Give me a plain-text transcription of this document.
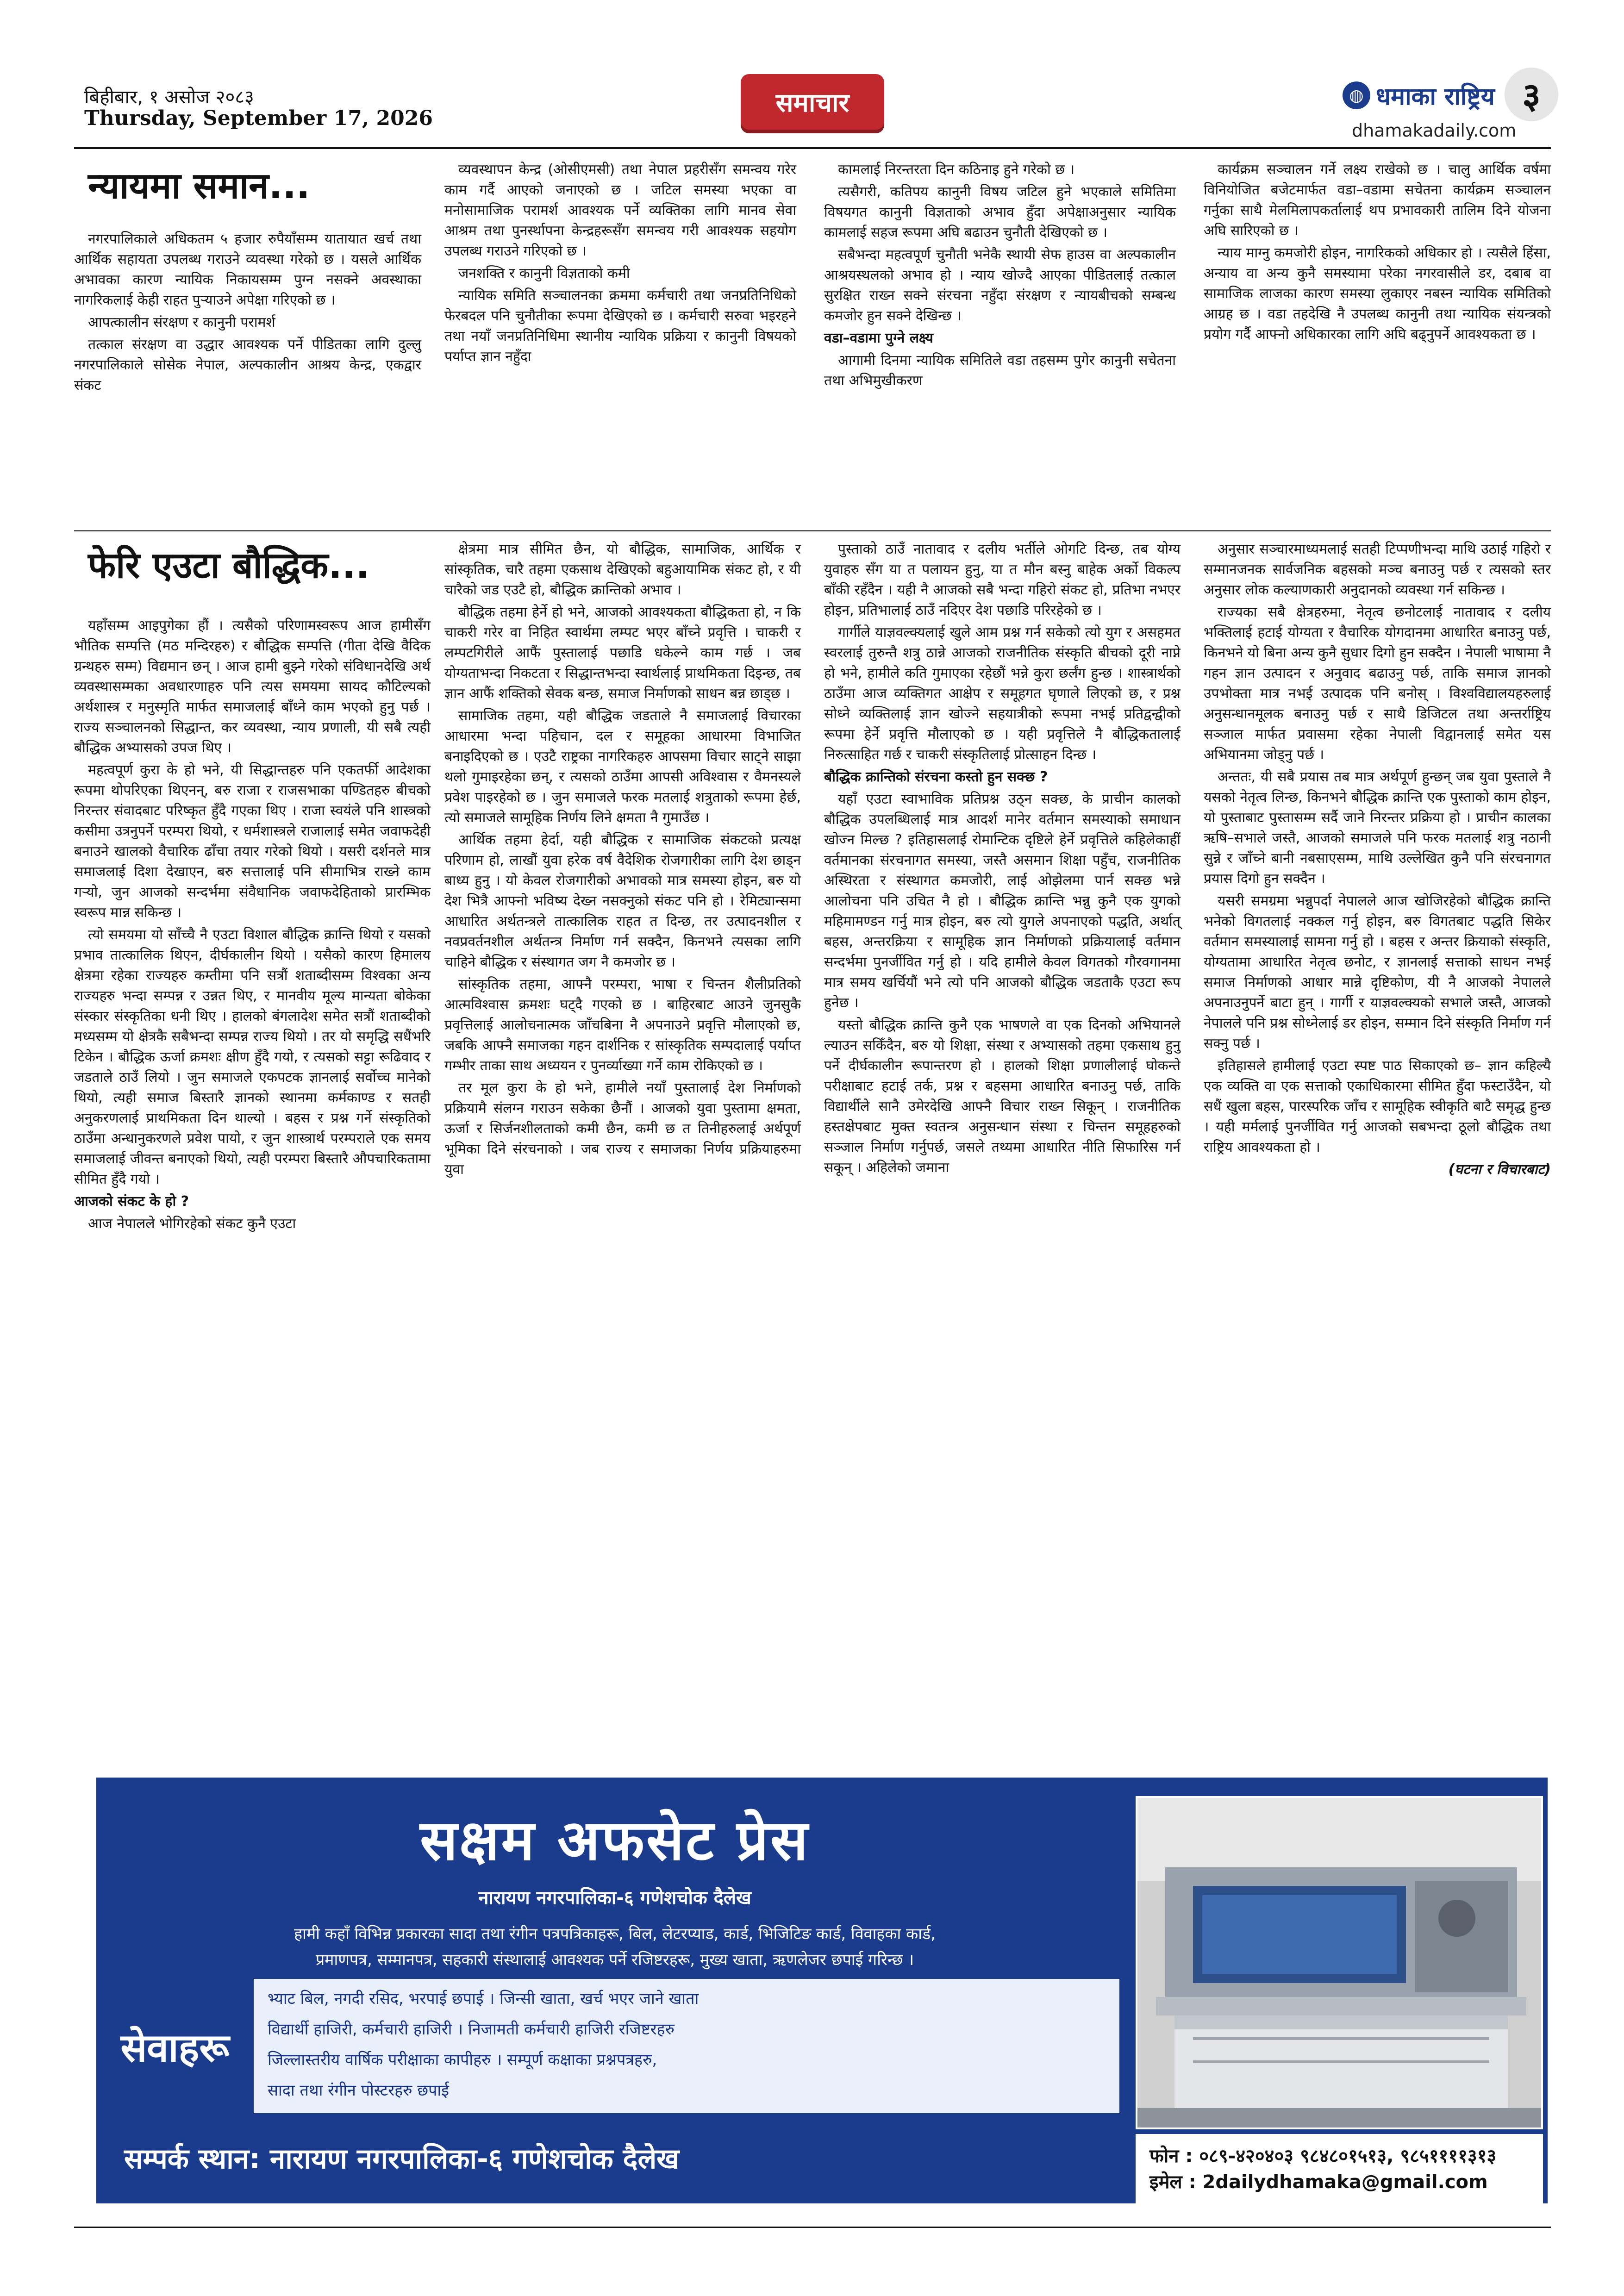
बिहीबार, १ असोज २०८३
Thursday, September 17, 2026
समाचार	◍ धमाका राष्ट्रिय
dhamakadaily.com
३
न्यायमा समान...

नगरपालिकाले अधिकतम ५ हजार रुपैयाँसम्म यातायात खर्च तथा आर्थिक सहायता उपलब्ध गराउने व्यवस्था गरेको छ । यसले आर्थिक अभावका कारण न्यायिक निकायसम्म पुग्न नसक्ने अवस्थाका नागरिकलाई केही राहत पुऱ्याउने अपेक्षा गरिएको छ ।

आपत्कालीन संरक्षण र कानुनी परामर्श

तत्काल संरक्षण वा उद्धार आवश्यक पर्ने पीडितका लागि दुल्लु नगरपालिकाले सोसेक नेपाल, अल्पकालीन आश्रय केन्द्र, एकद्वार संकट

व्यवस्थापन केन्द्र (ओसीएमसी) तथा नेपाल प्रहरीसँग समन्वय गरेर काम गर्दै आएको जनाएको छ । जटिल समस्या भएका वा मनोसामाजिक परामर्श आवश्यक पर्ने व्यक्तिका लागि मानव सेवा आश्रम तथा पुनर्स्थापना केन्द्रहरूसँग समन्वय गरी आवश्यक सहयोग उपलब्ध गराउने गरिएको छ ।

जनशक्ति र कानुनी विज्ञताको कमी

न्यायिक समिति सञ्चालनका क्रममा कर्मचारी तथा जनप्रतिनिधिको फेरबदल पनि चुनौतीका रूपमा देखिएको छ । कर्मचारी सरुवा भइरहने तथा नयाँ जनप्रतिनिधिमा स्थानीय न्यायिक प्रक्रिया र कानुनी विषयको पर्याप्त ज्ञान नहुँदा

कामलाई निरन्तरता दिन कठिनाइ हुने गरेको छ ।

त्यसैगरी, कतिपय कानुनी विषय जटिल हुने भएकाले समितिमा विषयगत कानुनी विज्ञताको अभाव हुँदा अपेक्षाअनुसार न्यायिक कामलाई सहज रूपमा अघि बढाउन चुनौती देखिएको छ ।

सबैभन्दा महत्वपूर्ण चुनौती भनेकै स्थायी सेफ हाउस वा अल्पकालीन आश्रयस्थलको अभाव हो । न्याय खोज्दै आएका पीडितलाई तत्काल सुरक्षित राख्न सक्ने संरचना नहुँदा संरक्षण र न्यायबीचको सम्बन्ध कमजोर हुन सक्ने देखिन्छ ।

वडा–वडामा पुग्ने लक्ष्य

आगामी दिनमा न्यायिक समितिले वडा तहसम्म पुगेर कानुनी सचेतना तथा अभिमुखीकरण

कार्यक्रम सञ्चालन गर्ने लक्ष्य राखेको छ । चालु आर्थिक वर्षमा विनियोजित बजेटमार्फत वडा–वडामा सचेतना कार्यक्रम सञ्चालन गर्नुका साथै मेलमिलापकर्तालाई थप प्रभावकारी तालिम दिने योजना अघि सारिएको छ ।

न्याय माग्नु कमजोरी होइन, नागरिकको अधिकार हो । त्यसैले हिंसा, अन्याय वा अन्य कुनै समस्यामा परेका नगरवासीले डर, दबाब वा सामाजिक लाजका कारण समस्या लुकाएर नबस्न न्यायिक समितिको आग्रह छ । वडा तहदेखि नै उपलब्ध कानुनी तथा न्यायिक संयन्त्रको प्रयोग गर्दै आफ्नो अधिकारका लागि अघि बढ्नुपर्ने आवश्यकता छ ।

फेरि एउटा बौद्धिक...

यहाँसम्म आइपुगेका हौं । त्यसैको परिणामस्वरूप आज हामीसँग भौतिक सम्पत्ति (मठ मन्दिरहरु) र बौद्धिक सम्पत्ति (गीता देखि वैदिक ग्रन्थहरु सम्म) विद्यमान छन् । आज हामी बुझ्ने गरेको संविधानदेखि अर्थ व्यवस्थासम्मका अवधारणाहरु पनि त्यस समयमा सायद कौटिल्यको अर्थशास्त्र र मनुस्मृति मार्फत समाजलाई बाँध्ने काम भएको हुनु पर्छ । राज्य सञ्चालनको सिद्धान्त, कर व्यवस्था, न्याय प्रणाली, यी सबै त्यही बौद्धिक अभ्यासको उपज थिए ।

महत्वपूर्ण कुरा के हो भने, यी सिद्धान्तहरु पनि एकतर्फी आदेशका रूपमा थोपरिएका थिएनन्, बरु राजा र राजसभाका पण्डितहरु बीचको निरन्तर संवादबाट परिष्कृत हुँदै गएका थिए । राजा स्वयंले पनि शास्त्रको कसीमा उत्रनुपर्ने परम्परा थियो, र धर्मशास्त्रले राजालाई समेत जवाफदेही बनाउने खालको वैचारिक ढाँचा तयार गरेको थियो । यसरी दर्शनले मात्र समाजलाई दिशा देखाएन, बरु सत्तालाई पनि सीमाभित्र राख्ने काम गऱ्यो, जुन आजको सन्दर्भमा संवैधानिक जवाफदेहिताको प्रारम्भिक स्वरूप मान्न सकिन्छ ।

त्यो समयमा यो साँच्चै नै एउटा विशाल बौद्धिक क्रान्ति थियो र यसको प्रभाव तात्कालिक थिएन, दीर्घकालीन थियो । यसैको कारण हिमालय क्षेत्रमा रहेका राज्यहरु कम्तीमा पनि सत्रौं शताब्दीसम्म विश्वका अन्य राज्यहरु भन्दा सम्पन्न र उन्नत थिए, र मानवीय मूल्य मान्यता बोकेका संस्कार संस्कृतिका धनी थिए । हालको बंगलादेश समेत सत्रौं शताब्दीको मध्यसम्म यो क्षेत्रकै सबैभन्दा सम्पन्न राज्य थियो । तर यो समृद्धि सधैंभरि टिकेन । बौद्धिक ऊर्जा क्रमशः क्षीण हुँदै गयो, र त्यसको सट्टा रूढिवाद र जडताले ठाउँ लियो । जुन समाजले एकपटक ज्ञानलाई सर्वोच्च मानेको थियो, त्यही समाज बिस्तारै ज्ञानको स्थानमा कर्मकाण्ड र सतही अनुकरणलाई प्राथमिकता दिन थाल्यो । बहस र प्रश्न गर्ने संस्कृतिको ठाउँमा अन्धानुकरणले प्रवेश पायो, र जुन शास्त्रार्थ परम्पराले एक समय समाजलाई जीवन्त बनाएको थियो, त्यही परम्परा बिस्तारै औपचारिकतामा सीमित हुँदै गयो ।

आजको संकट के हो ?

आज नेपालले भोगिरहेको संकट कुनै एउटा

क्षेत्रमा मात्र सीमित छैन, यो बौद्धिक, सामाजिक, आर्थिक र सांस्कृतिक, चारै तहमा एकसाथ देखिएको बहुआयामिक संकट हो, र यी चारैको जड एउटै हो, बौद्धिक क्रान्तिको अभाव ।

बौद्धिक तहमा हेर्ने हो भने, आजको आवश्यकता बौद्धिकता हो, न कि चाकरी गरेर वा निहित स्वार्थमा लम्पट भएर बाँच्ने प्रवृत्ति । चाकरी र लम्पटगिरीले आफैं पुस्तालाई पछाडि धकेल्ने काम गर्छ । जब योग्यताभन्दा निकटता र सिद्धान्तभन्दा स्वार्थलाई प्राथमिकता दिइन्छ, तब ज्ञान आफैं शक्तिको सेवक बन्छ, समाज निर्माणको साधन बन्न छाड्छ ।

सामाजिक तहमा, यही बौद्धिक जडताले नै समाजलाई विचारका आधारमा भन्दा पहिचान, दल र समूहका आधारमा विभाजित बनाइदिएको छ । एउटै राष्ट्रका नागरिकहरु आपसमा विचार साट्ने साझा थलो गुमाइरहेका छन्, र त्यसको ठाउँमा आपसी अविश्वास र वैमनस्यले प्रवेश पाइरहेको छ । जुन समाजले फरक मतलाई शत्रुताको रूपमा हेर्छ, त्यो समाजले सामूहिक निर्णय लिने क्षमता नै गुमाउँछ ।

आर्थिक तहमा हेर्दा, यही बौद्धिक र सामाजिक संकटको प्रत्यक्ष परिणाम हो, लाखौं युवा हरेक वर्ष वैदेशिक रोजगारीका लागि देश छाड्न बाध्य हुनु । यो केवल रोजगारीको अभावको मात्र समस्या होइन, बरु यो देश भित्रै आफ्नो भविष्य देख्न नसक्नुको संकट पनि हो । रेमिट्यान्समा आधारित अर्थतन्त्रले तात्कालिक राहत त दिन्छ, तर उत्पादनशील र नवप्रवर्तनशील अर्थतन्त्र निर्माण गर्न सक्दैन, किनभने त्यसका लागि चाहिने बौद्धिक र संस्थागत जग नै कमजोर छ ।

सांस्कृतिक तहमा, आफ्नै परम्परा, भाषा र चिन्तन शैलीप्रतिको आत्मविश्वास क्रमशः घट्दै गएको छ । बाहिरबाट आउने जुनसुकै प्रवृत्तिलाई आलोचनात्मक जाँचबिना नै अपनाउने प्रवृत्ति मौलाएको छ, जबकि आफ्नै समाजका गहन दार्शनिक र सांस्कृतिक सम्पदालाई पर्याप्त गम्भीर ताका साथ अध्ययन र पुनर्व्याख्या गर्ने काम रोकिएको छ ।

तर मूल कुरा के हो भने, हामीले नयाँ पुस्तालाई देश निर्माणको प्रक्रियामै संलग्न गराउन सकेका छैनौं । आजको युवा पुस्तामा क्षमता, ऊर्जा र सिर्जनशीलताको कमी छैन, कमी छ त तिनीहरुलाई अर्थपूर्ण भूमिका दिने संरचनाको । जब राज्य र समाजका निर्णय प्रक्रियाहरुमा युवा

पुस्ताको ठाउँ नातावाद र दलीय भर्तीले ओगटि दिन्छ, तब योग्य युवाहरु सँग या त पलायन हुनु, या त मौन बस्नु बाहेक अर्को विकल्प बाँकी रहँदैन । यही नै आजको सबै भन्दा गहिरो संकट हो, प्रतिभा नभएर होइन, प्रतिभालाई ठाउँ नदिएर देश पछाडि परिरहेको छ ।

गार्गीले याज्ञवल्क्यलाई खुले आम प्रश्न गर्न सकेको त्यो युग र असहमत स्वरलाई तुरुन्तै शत्रु ठान्ने आजको राजनीतिक संस्कृति बीचको दूरी नाप्ने हो भने, हामीले कति गुमाएका रहेछौं भन्ने कुरा छर्लंग हुन्छ । शास्त्रार्थको ठाउँमा आज व्यक्तिगत आक्षेप र समूहगत घृणाले लिएको छ, र प्रश्न सोध्ने व्यक्तिलाई ज्ञान खोज्ने सहयात्रीको रूपमा नभई प्रतिद्वन्द्वीको रूपमा हेर्ने प्रवृत्ति मौलाएको छ । यही प्रवृत्तिले नै बौद्धिकतालाई निरुत्साहित गर्छ र चाकरी संस्कृतिलाई प्रोत्साहन दिन्छ ।

बौद्धिक क्रान्तिको संरचना कस्तो हुन सक्छ ?

यहाँ एउटा स्वाभाविक प्रतिप्रश्न उठ्न सक्छ, के प्राचीन कालको बौद्धिक उपलब्धिलाई मात्र आदर्श मानेर वर्तमान समस्याको समाधान खोज्न मिल्छ ? इतिहासलाई रोमान्टिक दृष्टिले हेर्ने प्रवृत्तिले कहिलेकाहीं वर्तमानका संरचनागत समस्या, जस्तै असमान शिक्षा पहुँच, राजनीतिक अस्थिरता र संस्थागत कमजोरी, लाई ओझेलमा पार्न सक्छ भन्ने आलोचना पनि उचित नै हो । बौद्धिक क्रान्ति भन्नु कुनै एक युगको महिमामण्डन गर्नु मात्र होइन, बरु त्यो युगले अपनाएको पद्धति, अर्थात् बहस, अन्तरक्रिया र सामूहिक ज्ञान निर्माणको प्रक्रियालाई वर्तमान सन्दर्भमा पुनर्जीवित गर्नु हो । यदि हामीले केवल विगतको गौरवगानमा मात्र समय खर्चियौं भने त्यो पनि आजको बौद्धिक जडताकै एउटा रूप हुनेछ ।

यस्तो बौद्धिक क्रान्ति कुनै एक भाषणले वा एक दिनको अभियानले ल्याउन सकिँदैन, बरु यो शिक्षा, संस्था र अभ्यासको तहमा एकसाथ हुनु पर्ने दीर्घकालीन रूपान्तरण हो । हालको शिक्षा प्रणालीलाई घोकन्ते परीक्षाबाट हटाई तर्क, प्रश्न र बहसमा आधारित बनाउनु पर्छ, ताकि विद्यार्थीले सानै उमेरदेखि आफ्नै विचार राख्न सिकून् । राजनीतिक हस्तक्षेपबाट मुक्त स्वतन्त्र अनुसन्धान संस्था र चिन्तन समूहहरुको सञ्जाल निर्माण गर्नुपर्छ, जसले तथ्यमा आधारित नीति सिफारिस गर्न सकून् । अहिलेको जमाना

अनुसार सञ्चारमाध्यमलाई सतही टिप्पणीभन्दा माथि उठाई गहिरो र सम्मानजनक सार्वजनिक बहसको मञ्च बनाउनु पर्छ र त्यसको स्तर अनुसार लोक कल्याणकारी अनुदानको व्यवस्था गर्न सकिन्छ ।

राज्यका सबै क्षेत्रहरुमा, नेतृत्व छनोटलाई नातावाद र दलीय भक्तिलाई हटाई योग्यता र वैचारिक योगदानमा आधारित बनाउनु पर्छ, किनभने यो बिना अन्य कुनै सुधार दिगो हुन सक्दैन । नेपाली भाषामा नै गहन ज्ञान उत्पादन र अनुवाद बढाउनु पर्छ, ताकि समाज ज्ञानको उपभोक्ता मात्र नभई उत्पादक पनि बनोस् । विश्वविद्यालयहरुलाई अनुसन्धानमूलक बनाउनु पर्छ र साथै डिजिटल तथा अन्तर्राष्ट्रिय सञ्जाल मार्फत प्रवासमा रहेका नेपाली विद्वानलाई समेत यस अभियानमा जोड्नु पर्छ ।

अन्ततः, यी सबै प्रयास तब मात्र अर्थपूर्ण हुन्छन् जब युवा पुस्ताले नै यसको नेतृत्व लिन्छ, किनभने बौद्धिक क्रान्ति एक पुस्ताको काम होइन, यो पुस्ताबाट पुस्तासम्म सर्दै जाने निरन्तर प्रक्रिया हो । प्राचीन कालका ऋषि–सभाले जस्तै, आजको समाजले पनि फरक मतलाई शत्रु नठानी सुन्ने र जाँच्ने बानी नबसाएसम्म, माथि उल्लेखित कुनै पनि संरचनागत प्रयास दिगो हुन सक्दैन ।

यसरी समग्रमा भन्नुपर्दा नेपालले आज खोजिरहेको बौद्धिक क्रान्ति भनेको विगतलाई नक्कल गर्नु होइन, बरु विगतबाट पद्धति सिकेर वर्तमान समस्यालाई सामना गर्नु हो । बहस र अन्तर क्रियाको संस्कृति, योग्यतामा आधारित नेतृत्व छनोट, र ज्ञानलाई सत्ताको साधन नभई समाज निर्माणको आधार मान्ने दृष्टिकोण, यी नै आजको नेपालले अपनाउनुपर्ने बाटा हुन् । गार्गी र याज्ञवल्क्यको सभाले जस्तै, आजको नेपालले पनि प्रश्न सोध्नेलाई डर होइन, सम्मान दिने संस्कृति निर्माण गर्न सक्नु पर्छ ।

इतिहासले हामीलाई एउटा स्पष्ट पाठ सिकाएको छ– ज्ञान कहिल्यै एक व्यक्ति वा एक सत्ताको एकाधिकारमा सीमित हुँदा फस्टाउँदैन, यो सधैं खुला बहस, पारस्परिक जाँच र सामूहिक स्वीकृति बाटै समृद्ध हुन्छ । यही मर्मलाई पुनर्जीवित गर्नु आजको सबभन्दा ठूलो बौद्धिक तथा राष्ट्रिय आवश्यकता हो ।

(घटना र विचारबाट)

सक्षम अफसेट प्रेस
नारायण नगरपालिका-६ गणेशचोक दैलेख
हामी कहाँ विभिन्न प्रकारका सादा तथा रंगीन पत्रपत्रिकाहरू, बिल, लेटरप्याड, कार्ड, भिजिटिङ कार्ड, विवाहका कार्ड,
प्रमाणपत्र, सम्मानपत्र, सहकारी संस्थालाई आवश्यक पर्ने रजिष्टरहरू, मुख्य खाता, ऋणलेजर छपाई गरिन्छ ।
सेवाहरू
भ्याट बिल, नगदी रसिद, भरपाई छपाई । जिन्सी खाता, खर्च भएर जाने खाता
विद्यार्थी हाजिरी, कर्मचारी हाजिरी । निजामती कर्मचारी हाजिरी रजिष्टरहरु
जिल्लास्तरीय वार्षिक परीक्षाका कापीहरु । सम्पूर्ण कक्षाका प्रश्नपत्रहरु,
सादा तथा रंगीन पोस्टरहरु छपाई
सम्पर्क स्थान: नारायण नगरपालिका-६ गणेशचोक दैलेख	फोन : ०८९-४२०४०३ ९८४८०१५१३, ९८५११११३१३
इमेल : 2dailydhamaka@gmail.com
